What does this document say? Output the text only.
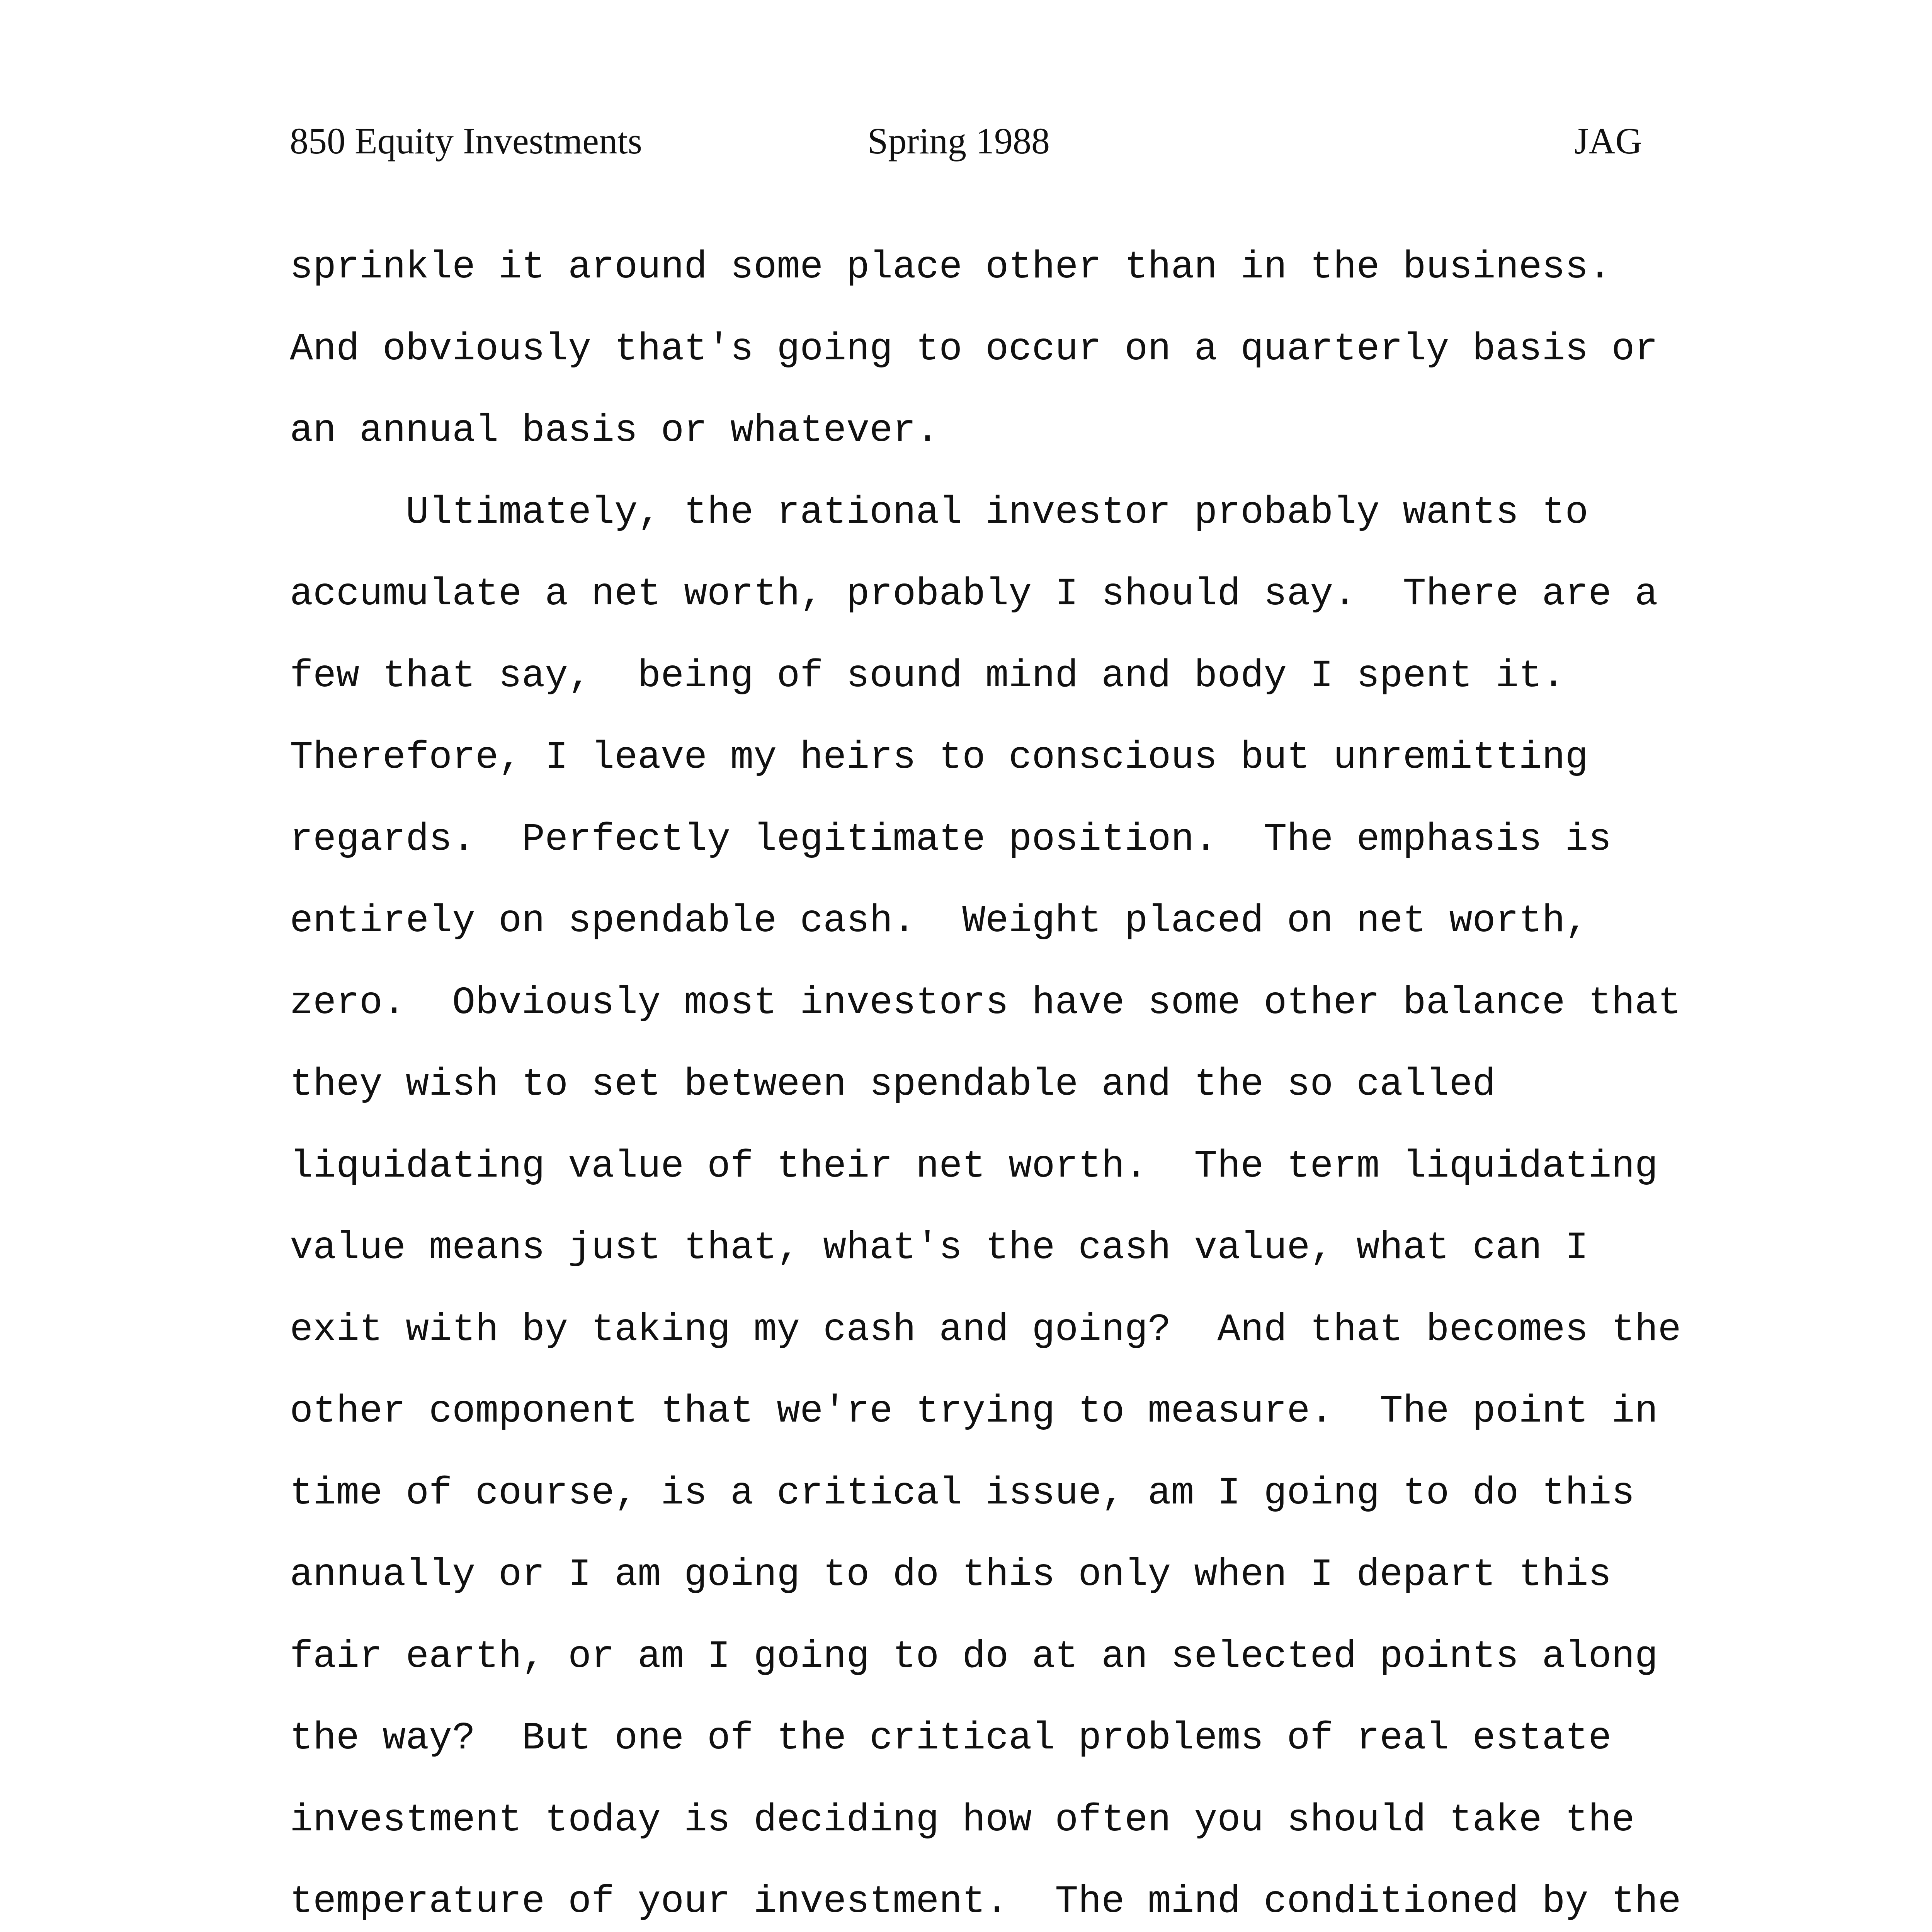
850 Equity Investments	Spring 1988	JAG
sprinkle it around some place other than in the business.
And obviously that's going to occur on a quarterly basis or
an annual basis or whatever.
Ultimately, the rational investor probably wants to
accumulate a net worth, probably I should say.  There are a
few that say,  being of sound mind and body I spent it.
Therefore, I leave my heirs to conscious but unremitting
regards.  Perfectly legitimate position.  The emphasis is
entirely on spendable cash.  Weight placed on net worth,
zero.  Obviously most investors have some other balance that
they wish to set between spendable and the so called
liquidating value of their net worth.  The term liquidating
value means just that, what's the cash value, what can I
exit with by taking my cash and going?  And that becomes the
other component that we're trying to measure.  The point in
time of course, is a critical issue, am I going to do this
annually or I am going to do this only when I depart this
fair earth, or am I going to do at an selected points along
the way?  But one of the critical problems of real estate
investment today is deciding how often you should take the
temperature of your investment.  The mind conditioned by the
